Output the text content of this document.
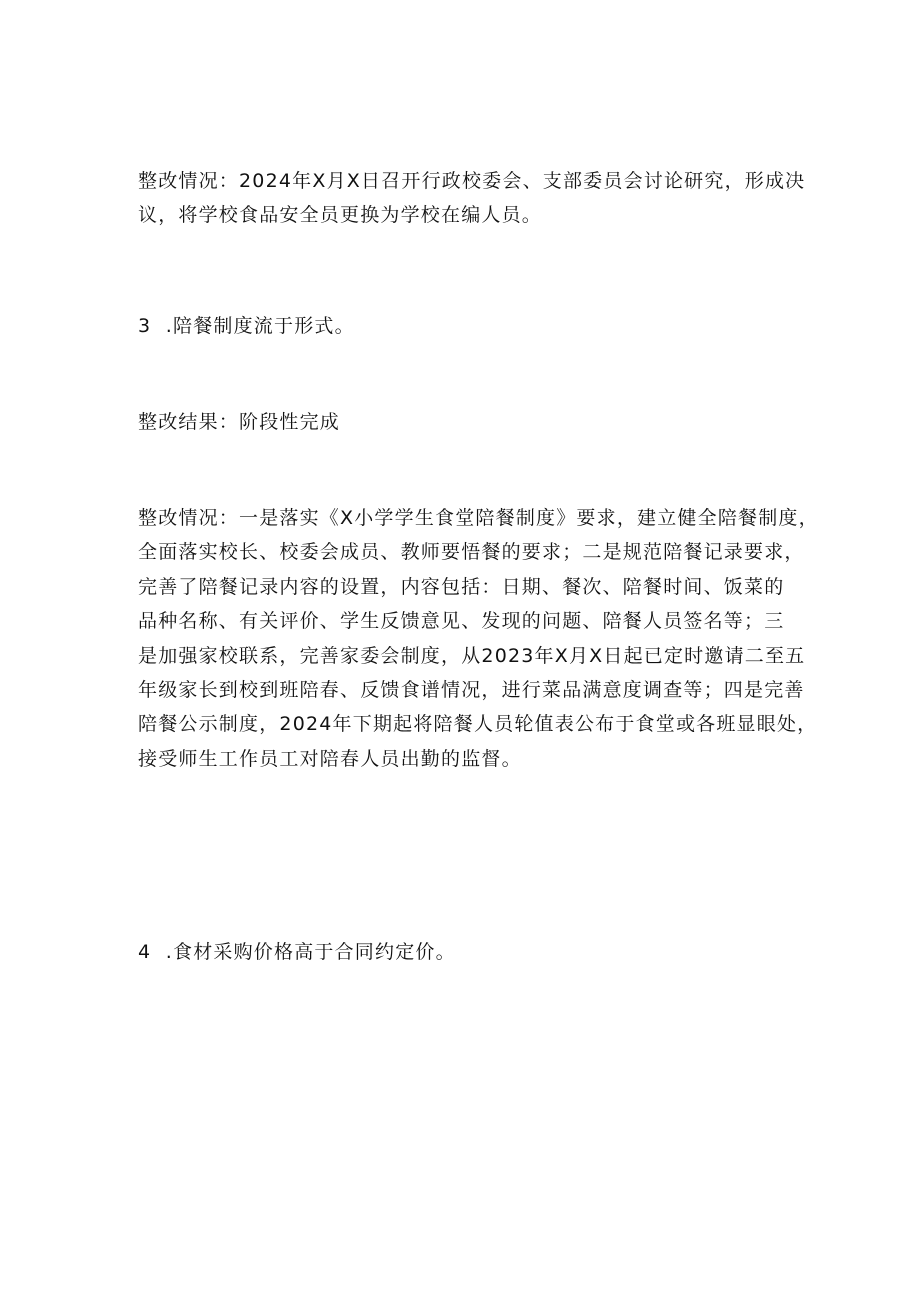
整改情况：2024年X月X日召开行政校委会、支部委员会讨论研究，形成决
议，将学校食品安全员更换为学校在编人员。
3  .陪餐制度流于形式。
整改结果：阶段性完成
整改情况：一是落实《X小学学生食堂陪餐制度》要求，建立健全陪餐制度，
全面落实校长、校委会成员、教师要悟餐的要求；二是规范陪餐记录要求，
完善了陪餐记录内容的设置，内容包括：日期、餐次、陪餐时间、饭菜的
品种名称、有关评价、学生反馈意见、发现的问题、陪餐人员签名等；三
是加强家校联系，完善家委会制度，从2023年X月X日起已定时邀请二至五
年级家长到校到班陪春、反馈食谱情况，进行菜品满意度调查等；四是完善
陪餐公示制度，2024年下期起将陪餐人员轮值表公布于食堂或各班显眼处，
接受师生工作员工对陪春人员出勤的监督。
4  .食材采购价格高于合同约定价。
